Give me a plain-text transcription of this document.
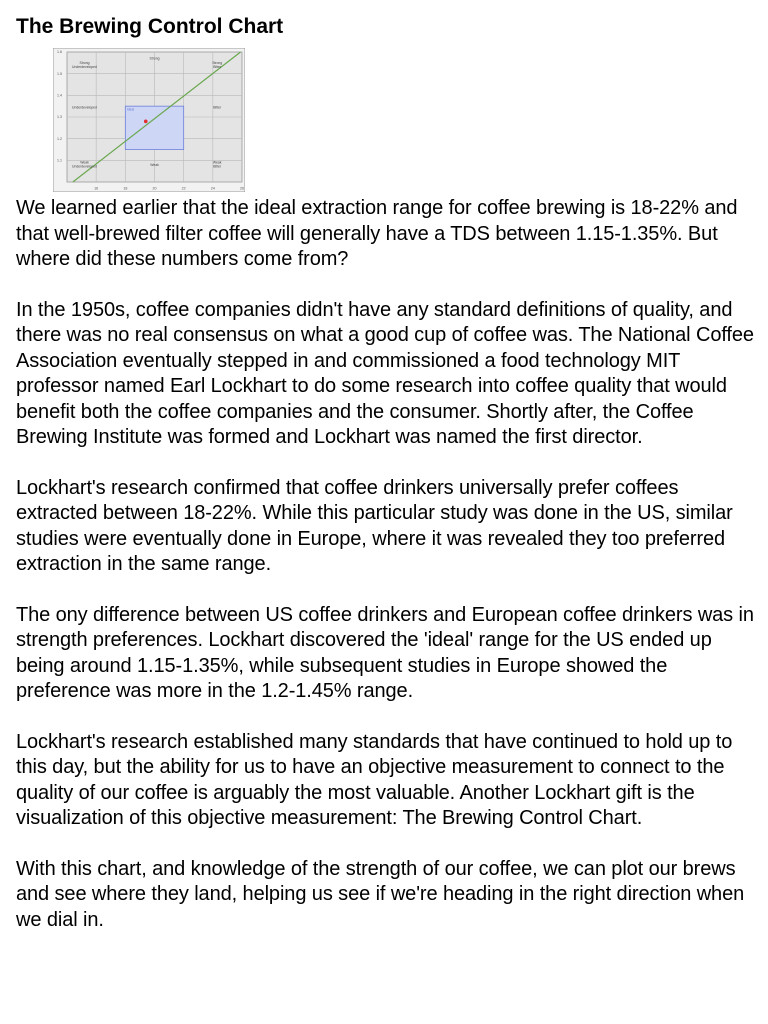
The Brewing Control Chart
16	18	20	22	24	26
1.1
1.2
1.3
1.4
1.5
1.6
Ideal
Strong Underdeveloped
Strong
Strong Bitter
Underdeveloped	Bitter
Weak Underdeveloped	Weak
Weak Bitter

We learned earlier that the ideal extraction range for coffee brewing is 18-22% and that well-brewed filter coffee will generally have a TDS between 1.15-1.35%. But where did these numbers come from?

In the 1950s, coffee companies didn't have any standard definitions of quality, and there was no real consensus on what a good cup of coffee was. The National Coffee Association eventually stepped in and commissioned a food technology MIT professor named Earl Lockhart to do some research into coffee quality that would benefit both the coffee companies and the consumer. Shortly after, the Coffee Brewing Institute was formed and Lockhart was named the first director.

Lockhart's research confirmed that coffee drinkers universally prefer coffees extracted between 18-22%. While this particular study was done in the US, similar studies were eventually done in Europe, where it was revealed they too preferred extraction in the same range.

The ony difference between US coffee drinkers and European coffee drinkers was in strength preferences. Lockhart discovered the 'ideal' range for the US ended up being around 1.15-1.35%, while subsequent studies in Europe showed the preference was more in the 1.2-1.45% range.

Lockhart's research established many standards that have continued to hold up to this day, but the ability for us to have an objective measurement to connect to the quality of our coffee is arguably the most valuable. Another Lockhart gift is the visualization of this objective measurement: The Brewing Control Chart.

With this chart, and knowledge of the strength of our coffee, we can plot our brews and see where they land, helping us see if we're heading in the right direction when we dial in.
